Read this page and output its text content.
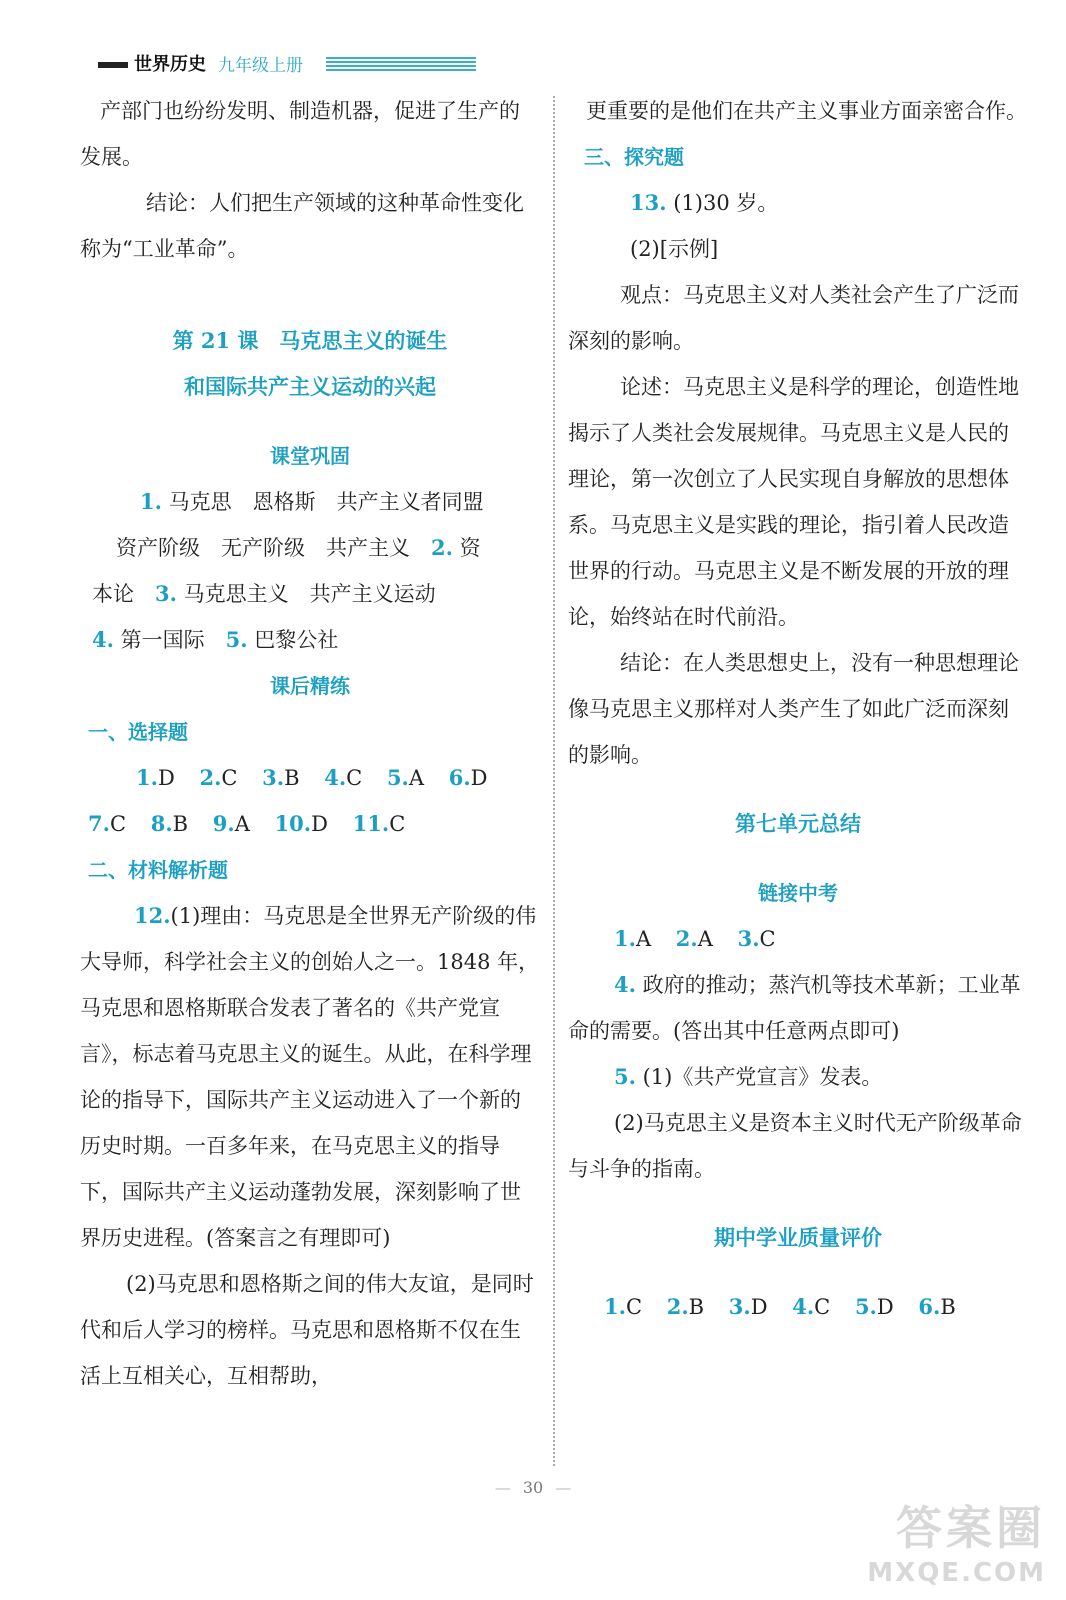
世界历史 九年级上册

产部门也纷纷发明、制造机器，促进了生产的发展。

结论：人们把生产领域的这种革命性变化称为“工业革命”。

第 21 课　马克思主义的诞生

和国际共产主义运动的兴起

课堂巩固

1. 马克思　恩格斯　共产主义者同盟

资产阶级　无产阶级　共产主义　2. 资

本论　3. 马克思主义　共产主义运动

4. 第一国际　5. 巴黎公社

课后精练

一、选择题

1.D 2.C 3.B 4.C 5.A 6.D

7.C 8.B 9.A 10.D 11.C

二、材料解析题

12.(1)理由：马克思是全世界无产阶级的伟大导师，科学社会主义的创始人之一。1848 年，马克思和恩格斯联合发表了著名的《共产党宣言》，标志着马克思主义的诞生。从此，在科学理论的指导下，国际共产主义运动进入了一个新的历史时期。一百多年来，在马克思主义的指导下，国际共产主义运动蓬勃发展，深刻影响了世界历史进程。(答案言之有理即可)

(2)马克思和恩格斯之间的伟大友谊，是同时代和后人学习的榜样。马克思和恩格斯不仅在生活上互相关心，互相帮助，

更重要的是他们在共产主义事业方面亲密合作。

三、探究题

13. (1)30 岁。

(2)[示例]

观点：马克思主义对人类社会产生了广泛而深刻的影响。

论述：马克思主义是科学的理论，创造性地揭示了人类社会发展规律。马克思主义是人民的理论，第一次创立了人民实现自身解放的思想体系。马克思主义是实践的理论，指引着人民改造世界的行动。马克思主义是不断发展的开放的理论，始终站在时代前沿。

结论：在人类思想史上，没有一种思想理论像马克思主义那样对人类产生了如此广泛而深刻的影响。

第七单元总结

链接中考

1.A 2.A 3.C

4. 政府的推动；蒸汽机等技术革新；工业革命的需要。(答出其中任意两点即可)

5. (1)《共产党宣言》发表。

(2)马克思主义是资本主义时代无产阶级革命与斗争的指南。

期中学业质量评价

1.C 2.B 3.D 4.C 5.D 6.B

— 30 —
答案圈
MXQE.COM
